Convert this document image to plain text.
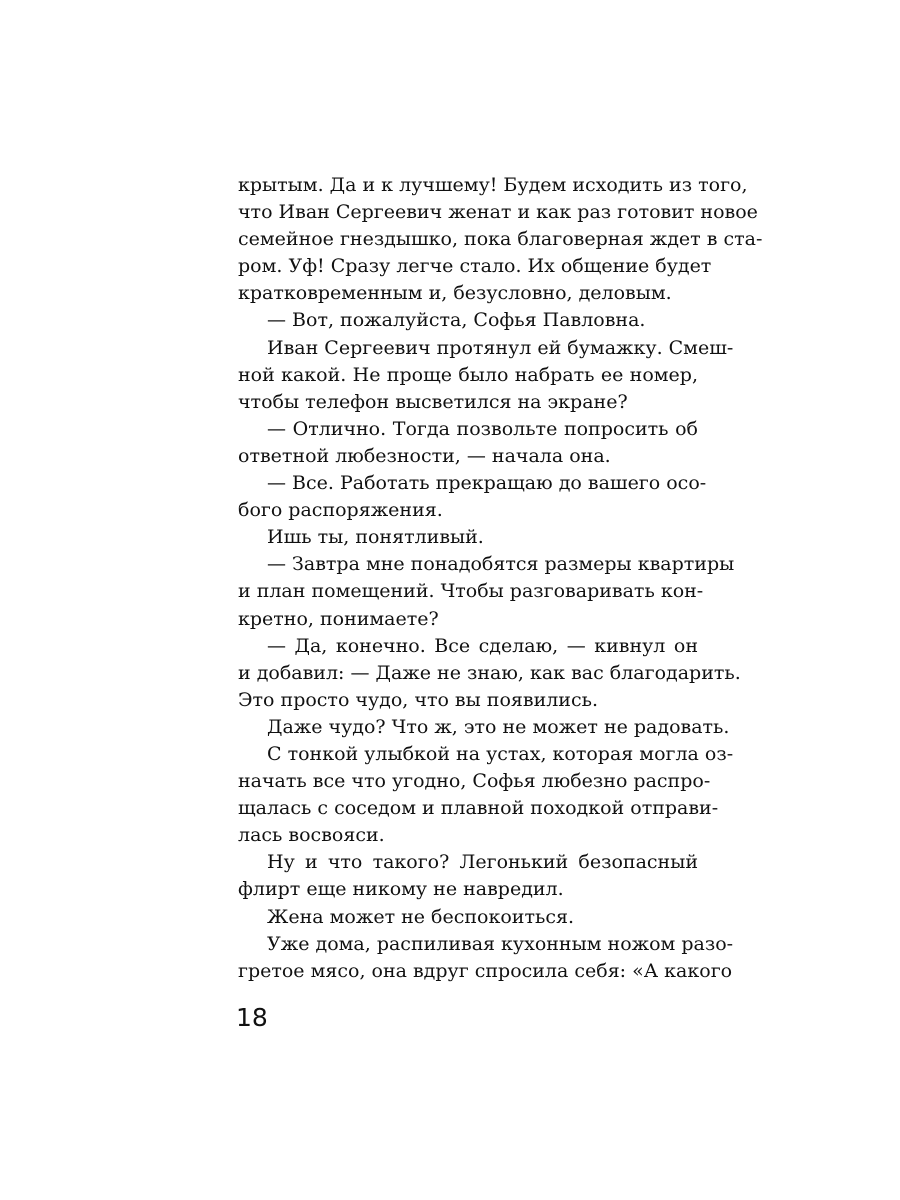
крытым. Да и к лучшему! Будем исходить из того,
что Иван Сергеевич женат и как раз готовит новое
семейное гнездышко, пока благоверная ждет в ста-
ром. Уф! Сразу легче стало. Их общение будет
кратковременным и, безусловно, деловым.
— Вот, пожалуйста, Софья Павловна.
Иван Сергеевич протянул ей бумажку. Смеш-
ной какой. Не проще было набрать ее номер,
чтобы телефон высветился на экране?
— Отлично. Тогда позвольте попросить об
ответной любезности, — начала она.
— Все. Работать прекращаю до вашего осо-
бого распоряжения.
Ишь ты, понятливый.
— Завтра мне понадобятся размеры квартиры
и план помещений. Чтобы разговаривать кон-
кретно, понимаете?
— Да, конечно. Все сделаю, — кивнул он
и добавил: — Даже не знаю, как вас благодарить.
Это просто чудо, что вы появились.
Даже чудо? Что ж, это не может не радовать.
С тонкой улыбкой на устах, которая могла оз-
начать все что угодно, Софья любезно распро-
щалась с соседом и плавной походкой отправи-
лась восвояси.
Ну и что такого? Легонький безопасный
флирт еще никому не навредил.
Жена может не беспокоиться.
Уже дома, распиливая кухонным ножом разо-
гретое мясо, она вдруг спросила себя: «А какого
18
